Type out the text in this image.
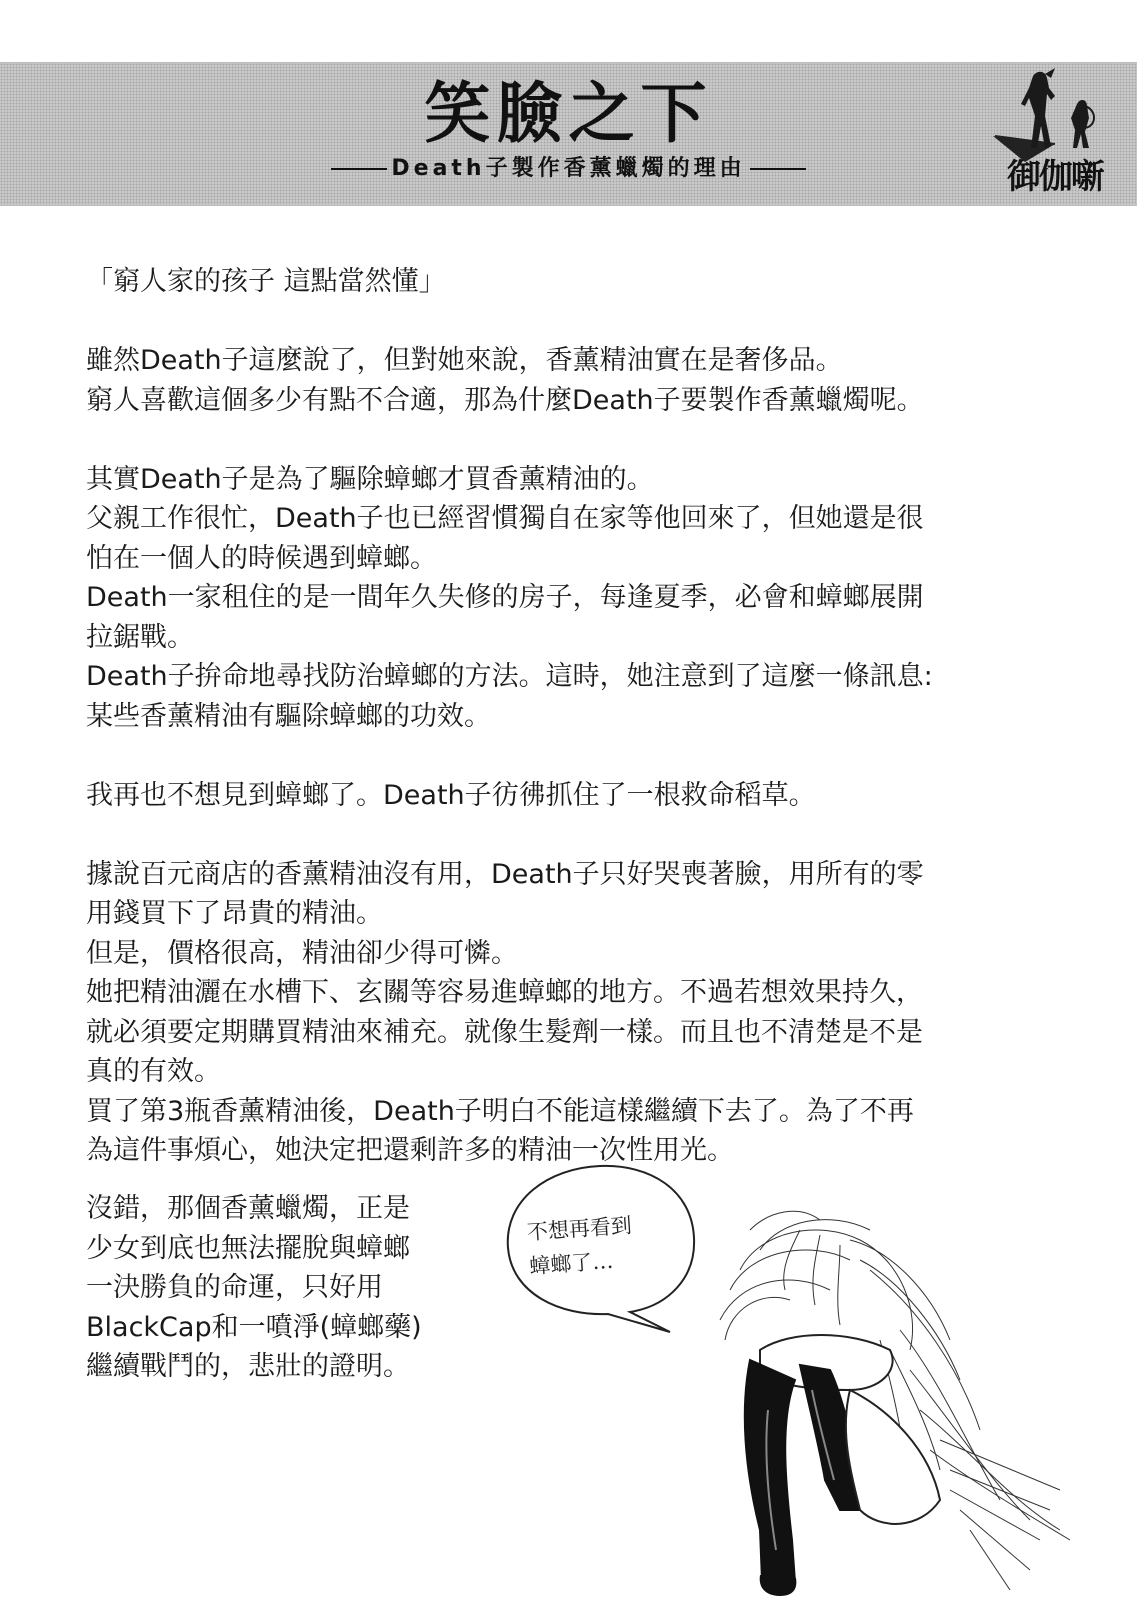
笑臉之下
Death子製作香薰蠟燭的理由	御伽噺

「窮人家的孩子 這點當然懂」

雖然Death子這麼說了，但對她來說，香薰精油實在是奢侈品。

窮人喜歡這個多少有點不合適，那為什麼Death子要製作香薰蠟燭呢。

其實Death子是為了驅除蟑螂才買香薰精油的。

父親工作很忙，Death子也已經習慣獨自在家等他回來了，但她還是很

怕在一個人的時候遇到蟑螂。

Death一家租住的是一間年久失修的房子，每逢夏季，必會和蟑螂展開

拉鋸戰。

Death子拚命地尋找防治蟑螂的方法。這時，她注意到了這麼一條訊息:

某些香薰精油有驅除蟑螂的功效。

我再也不想見到蟑螂了。Death子彷彿抓住了一根救命稻草。

據說百元商店的香薰精油沒有用，Death子只好哭喪著臉，用所有的零

用錢買下了昂貴的精油。

但是，價格很高，精油卻少得可憐。

她把精油灑在水槽下、玄關等容易進蟑螂的地方。不過若想效果持久，

就必須要定期購買精油來補充。就像生髮劑一樣。而且也不清楚是不是

真的有效。

買了第3瓶香薰精油後，Death子明白不能這樣繼續下去了。為了不再

為這件事煩心，她決定把還剩許多的精油一次性用光。

沒錯，那個香薰蠟燭，正是

少女到底也無法擺脫與蟑螂

一決勝負的命運，只好用

BlackCap和一噴淨(蟑螂藥)

繼續戰鬥的，悲壯的證明。

不想再看到
蟑螂了…
